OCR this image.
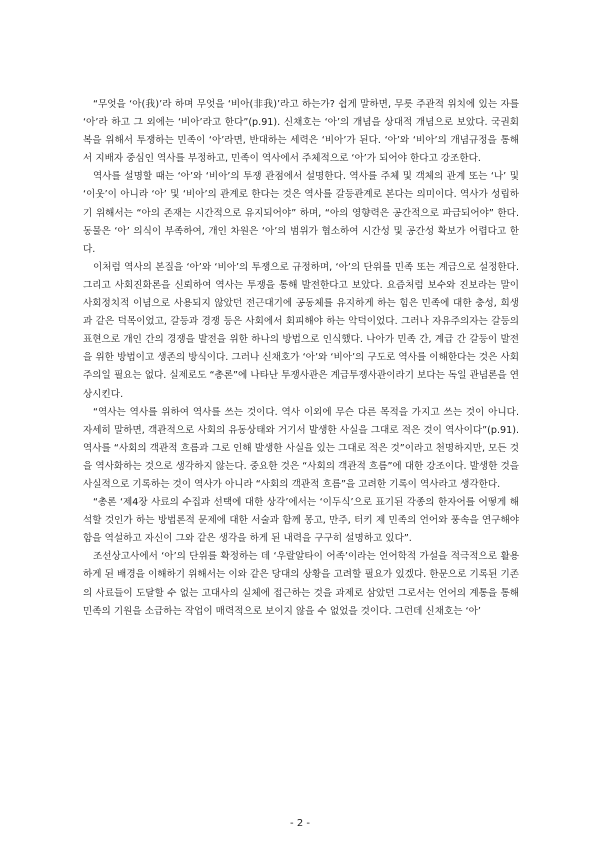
“무엇을 ‘아(我)’라 하며 무엇을 ‘비아(非我)’라고 하는가? 쉽게 말하면, 무릇 주관적 위치에 있는 자를 ‘아’라 하고 그 외에는 ‘비아’라고 한다”(p.91). 신채호는 ‘아’의 개념을 상대적 개념으로 보았다. 국권회복을 위해서 투쟁하는 민족이 ‘아’라면, 반대하는 세력은 ‘비아’가 된다. ‘아’와 ‘비아’의 개념규정을 통해서 지배자 중심인 역사를 부정하고, 민족이 역사에서 주체적으로 ‘아’가 되어야 한다고 강조한다.

역사를 설명할 때는 ‘아’와 ‘비아’의 투쟁 관점에서 설명한다. 역사를 주체 및 객체의 관계 또는 ‘나’ 및 ‘이웃’이 아니라 ‘아’ 및 ‘비아’의 관계로 한다는 것은 역사를 갈등관계로 본다는 의미이다. 역사가 성립하기 위해서는 “아의 존재는 시간적으로 유지되어야” 하며, “아의 영향력은 공간적으로 파급되어야” 한다. 동물은 ‘아’ 의식이 부족하여, 개인 차원은 ‘아’의 범위가 협소하여 시간성 및 공간성 확보가 어렵다고 한다.

이처럼 역사의 본질을 ‘아’와 ‘비아’의 투쟁으로 규정하며, ‘아’의 단위를 민족 또는 계급으로 설정한다. 그리고 사회진화론을 신뢰하여 역사는 투쟁을 통해 발전한다고 보았다. 요즘처럼 보수와 진보라는 말이 사회정치적 이념으로 사용되지 않았던 전근대기에 공동체를 유지하게 하는 힘은 민족에 대한 충성, 희생과 같은 덕목이었고, 갈등과 경쟁 등은 사회에서 회피해야 하는 악덕이었다. 그러나 자유주의자는 갈등의 표현으로 개인 간의 경쟁을 발전을 위한 하나의 방법으로 인식했다. 나아가 민족 간, 계급 간 갈등이 발전을 위한 방법이고 생존의 방식이다. 그러나 신채호가 ‘아’와 ‘비아’의 구도로 역사를 이해한다는 것은 사회주의일 필요는 없다. 실제로도 “총론”에 나타난 투쟁사관은 계급투쟁사관이라기 보다는 독일 관념론을 연상시킨다.

“역사는 역사를 위하여 역사를 쓰는 것이다. 역사 이외에 무슨 다른 목적을 가지고 쓰는 것이 아니다. 자세히 말하면, 객관적으로 사회의 유동상태와 거기서 발생한 사실을 그대로 적은 것이 역사이다”(p.91). 역사를 “사회의 객관적 흐름과 그로 인해 발생한 사실을 있는 그대로 적은 것”이라고 천명하지만, 모든 것을 역사화하는 것으로 생각하지 않는다. 중요한 것은 “사회의 객관적 흐름”에 대한 강조이다. 발생한 것을 사실적으로 기록하는 것이 역사가 아니라 “사회의 객관적 흐름”을 고려한 기록이 역사라고 생각한다.

“총론 ‘제4장 사료의 수집과 선택에 대한 상각’에서는 ‘이두식’으로 표기된 각종의 한자어를 어떻게 해석할 것인가 하는 방법론적 문제에 대한 서술과 함께 몽고, 만주, 터키 제 민족의 언어와 풍속을 연구해야 함을 역설하고 자신이 그와 같은 생각을 하게 된 내력을 구구히 설명하고 있다”.

조선상고사에서 ‘아’의 단위를 확정하는 데 ‘우랄알타이 어족’이라는 언어학적 가설을 적극적으로 활용하게 된 배경을 이해하기 위해서는 이와 같은 당대의 상황을 고려할 필요가 있겠다. 한문으로 기록된 기존의 사료들이 도달할 수 없는 고대사의 실체에 접근하는 것을 과제로 삼았던 그로서는 언어의 계통을 통해 민족의 기원을 소급하는 작업이 매력적으로 보이지 않을 수 없었을 것이다. 그런데 신채호는 ‘아’

- 2 -
